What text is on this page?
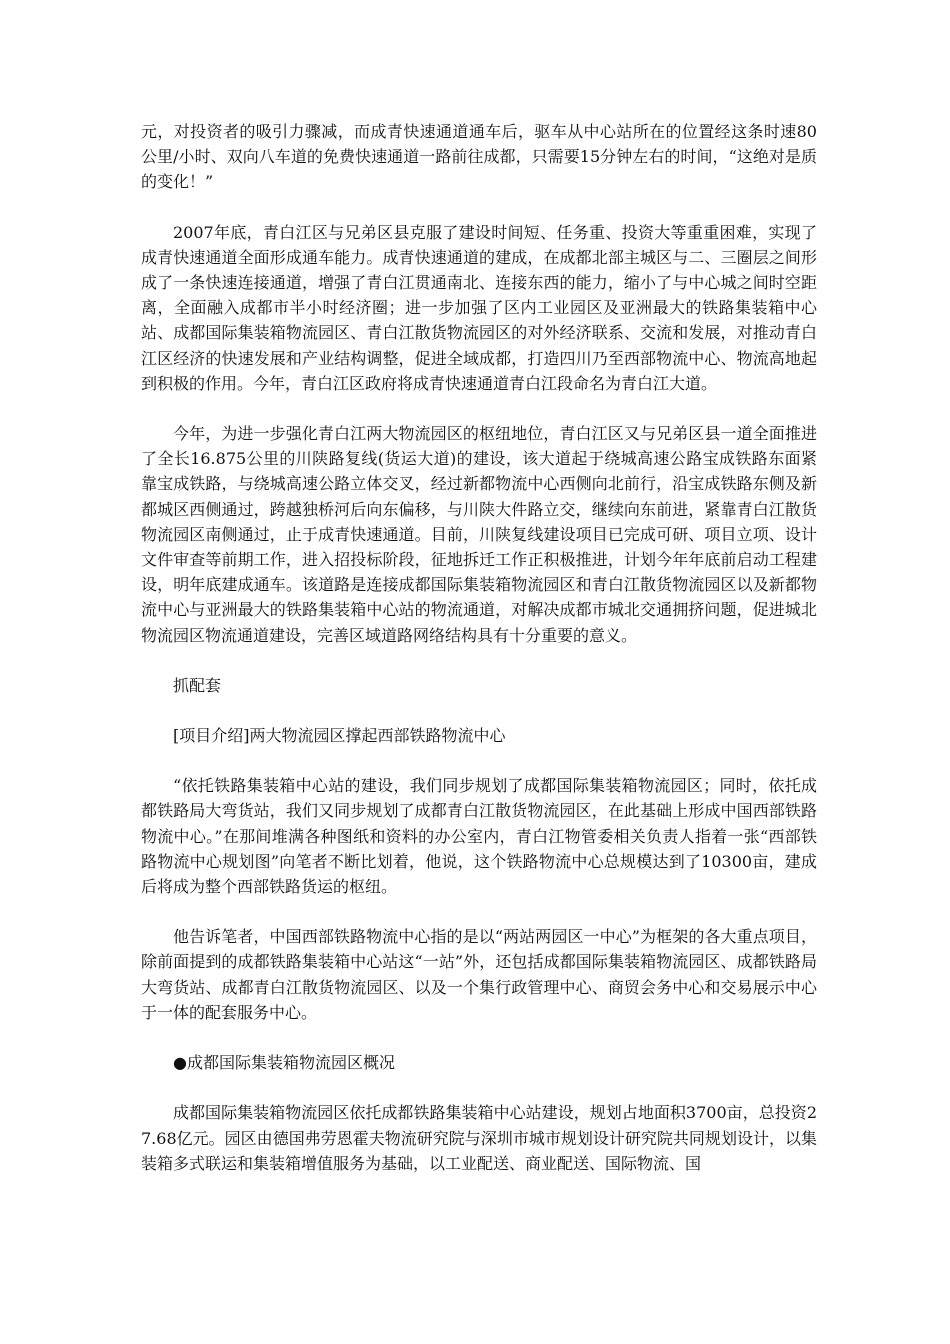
元，对投资者的吸引力骤减，而成青快速通道通车后，驱车从中心站所在的位置经这条时速80公里/小时、双向八车道的免费快速通道一路前往成都，只需要15分钟左右的时间，“这绝对是质的变化！”

2007年底，青白江区与兄弟区县克服了建设时间短、任务重、投资大等重重困难，实现了成青快速通道全面形成通车能力。成青快速通道的建成，在成都北部主城区与二、三圈层之间形成了一条快速连接通道，增强了青白江贯通南北、连接东西的能力，缩小了与中心城之间时空距离，全面融入成都市半小时经济圈；进一步加强了区内工业园区及亚洲最大的铁路集装箱中心站、成都国际集装箱物流园区、青白江散货物流园区的对外经济联系、交流和发展，对推动青白江区经济的快速发展和产业结构调整，促进全域成都，打造四川乃至西部物流中心、物流高地起到积极的作用。今年，青白江区政府将成青快速通道青白江段命名为青白江大道。

今年，为进一步强化青白江两大物流园区的枢纽地位，青白江区又与兄弟区县一道全面推进了全长16.875公里的川陕路复线(货运大道)的建设，该大道起于绕城高速公路宝成铁路东面紧靠宝成铁路，与绕城高速公路立体交叉，经过新都物流中心西侧向北前行，沿宝成铁路东侧及新都城区西侧通过，跨越独桥河后向东偏移，与川陕大件路立交，继续向东前进，紧靠青白江散货物流园区南侧通过，止于成青快速通道。目前，川陕复线建设项目已完成可研、项目立项、设计文件审查等前期工作，进入招投标阶段，征地拆迁工作正积极推进，计划今年年底前启动工程建设，明年底建成通车。该道路是连接成都国际集装箱物流园区和青白江散货物流园区以及新都物流中心与亚洲最大的铁路集装箱中心站的物流通道，对解决成都市城北交通拥挤问题，促进城北物流园区物流通道建设，完善区域道路网络结构具有十分重要的意义。

抓配套

[项目介绍]两大物流园区撑起西部铁路物流中心

“依托铁路集装箱中心站的建设，我们同步规划了成都国际集装箱物流园区；同时，依托成都铁路局大弯货站，我们又同步规划了成都青白江散货物流园区，在此基础上形成中国西部铁路物流中心。”在那间堆满各种图纸和资料的办公室内，青白江物管委相关负责人指着一张“西部铁路物流中心规划图”向笔者不断比划着，他说，这个铁路物流中心总规模达到了10300亩，建成后将成为整个西部铁路货运的枢纽。

他告诉笔者，中国西部铁路物流中心指的是以“两站两园区一中心”为框架的各大重点项目，除前面提到的成都铁路集装箱中心站这“一站”外，还包括成都国际集装箱物流园区、成都铁路局大弯货站、成都青白江散货物流园区、以及一个集行政管理中心、商贸会务中心和交易展示中心于一体的配套服务中心。

●成都国际集装箱物流园区概况

成都国际集装箱物流园区依托成都铁路集装箱中心站建设，规划占地面积3700亩，总投资27.68亿元。园区由德国弗劳恩霍夫物流研究院与深圳市城市规划设计研究院共同规划设计，以集装箱多式联运和集装箱增值服务为基础，以工业配送、商业配送、国际物流、国
